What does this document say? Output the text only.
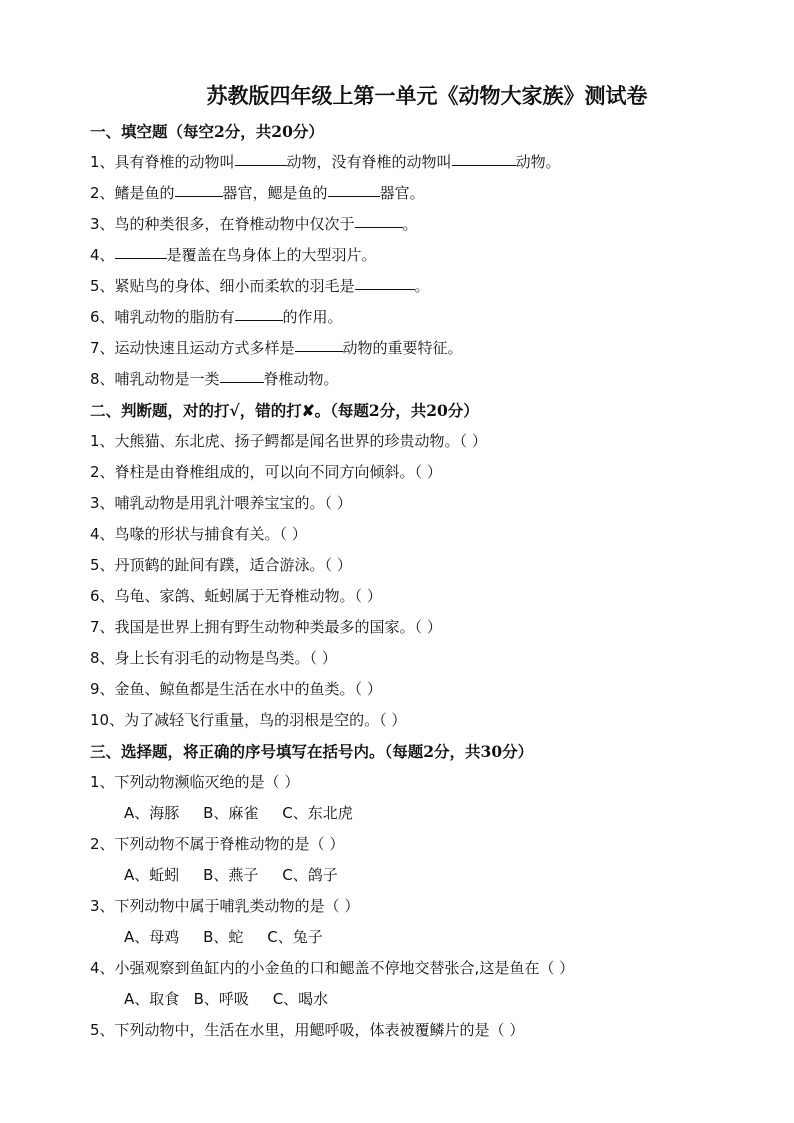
苏教版四年级上第一单元《动物大家族》测试卷
一、填空题（每空2分，共20分）
1、具有脊椎的动物叫	动物，没有脊椎的动物叫	动物。
2、鳍是鱼的	器官，鳃是鱼的	器官。
3、鸟的种类很多，在脊椎动物中仅次于	。
4、	是覆盖在鸟身体上的大型羽片。
5、紧贴鸟的身体、细小而柔软的羽毛是	。
6、哺乳动物的脂肪有	的作用。
7、运动快速且运动方式多样是	动物的重要特征。
8、哺乳动物是一类	脊椎动物。
二、判断题，对的打√，错的打✘。（每题2分，共20分）
1、大熊猫、东北虎、扬子鳄都是闻名世界的珍贵动物。（ ）
2、脊柱是由脊椎组成的，可以向不同方向倾斜。（ ）
3、哺乳动物是用乳汁喂养宝宝的。（ ）
4、鸟喙的形状与捕食有关。（ ）
5、丹顶鹤的趾间有蹼，适合游泳。（ ）
6、乌龟、家鸽、蚯蚓属于无脊椎动物。（ ）
7、我国是世界上拥有野生动物种类最多的国家。（ ）
8、身上长有羽毛的动物是鸟类。（ ）
9、金鱼、鲸鱼都是生活在水中的鱼类。（ ）
10、为了减轻飞行重量，鸟的羽根是空的。（ ）
三、选择题，将正确的序号填写在括号内。（每题2分，共30分）
1、下列动物濒临灭绝的是（ ）
A、海豚     B、麻雀     C、东北虎
2、下列动物不属于脊椎动物的是（ ）
A、蚯蚓     B、燕子     C、鸽子
3、下列动物中属于哺乳类动物的是（ ）
A、母鸡     B、蛇     C、兔子
4、小强观察到鱼缸内的小金鱼的口和鳃盖不停地交替张合,这是鱼在（ ）
A、取食   B、呼吸     C、喝水
5、下列动物中，生活在水里，用鳃呼吸，体表被覆鳞片的是（ ）
